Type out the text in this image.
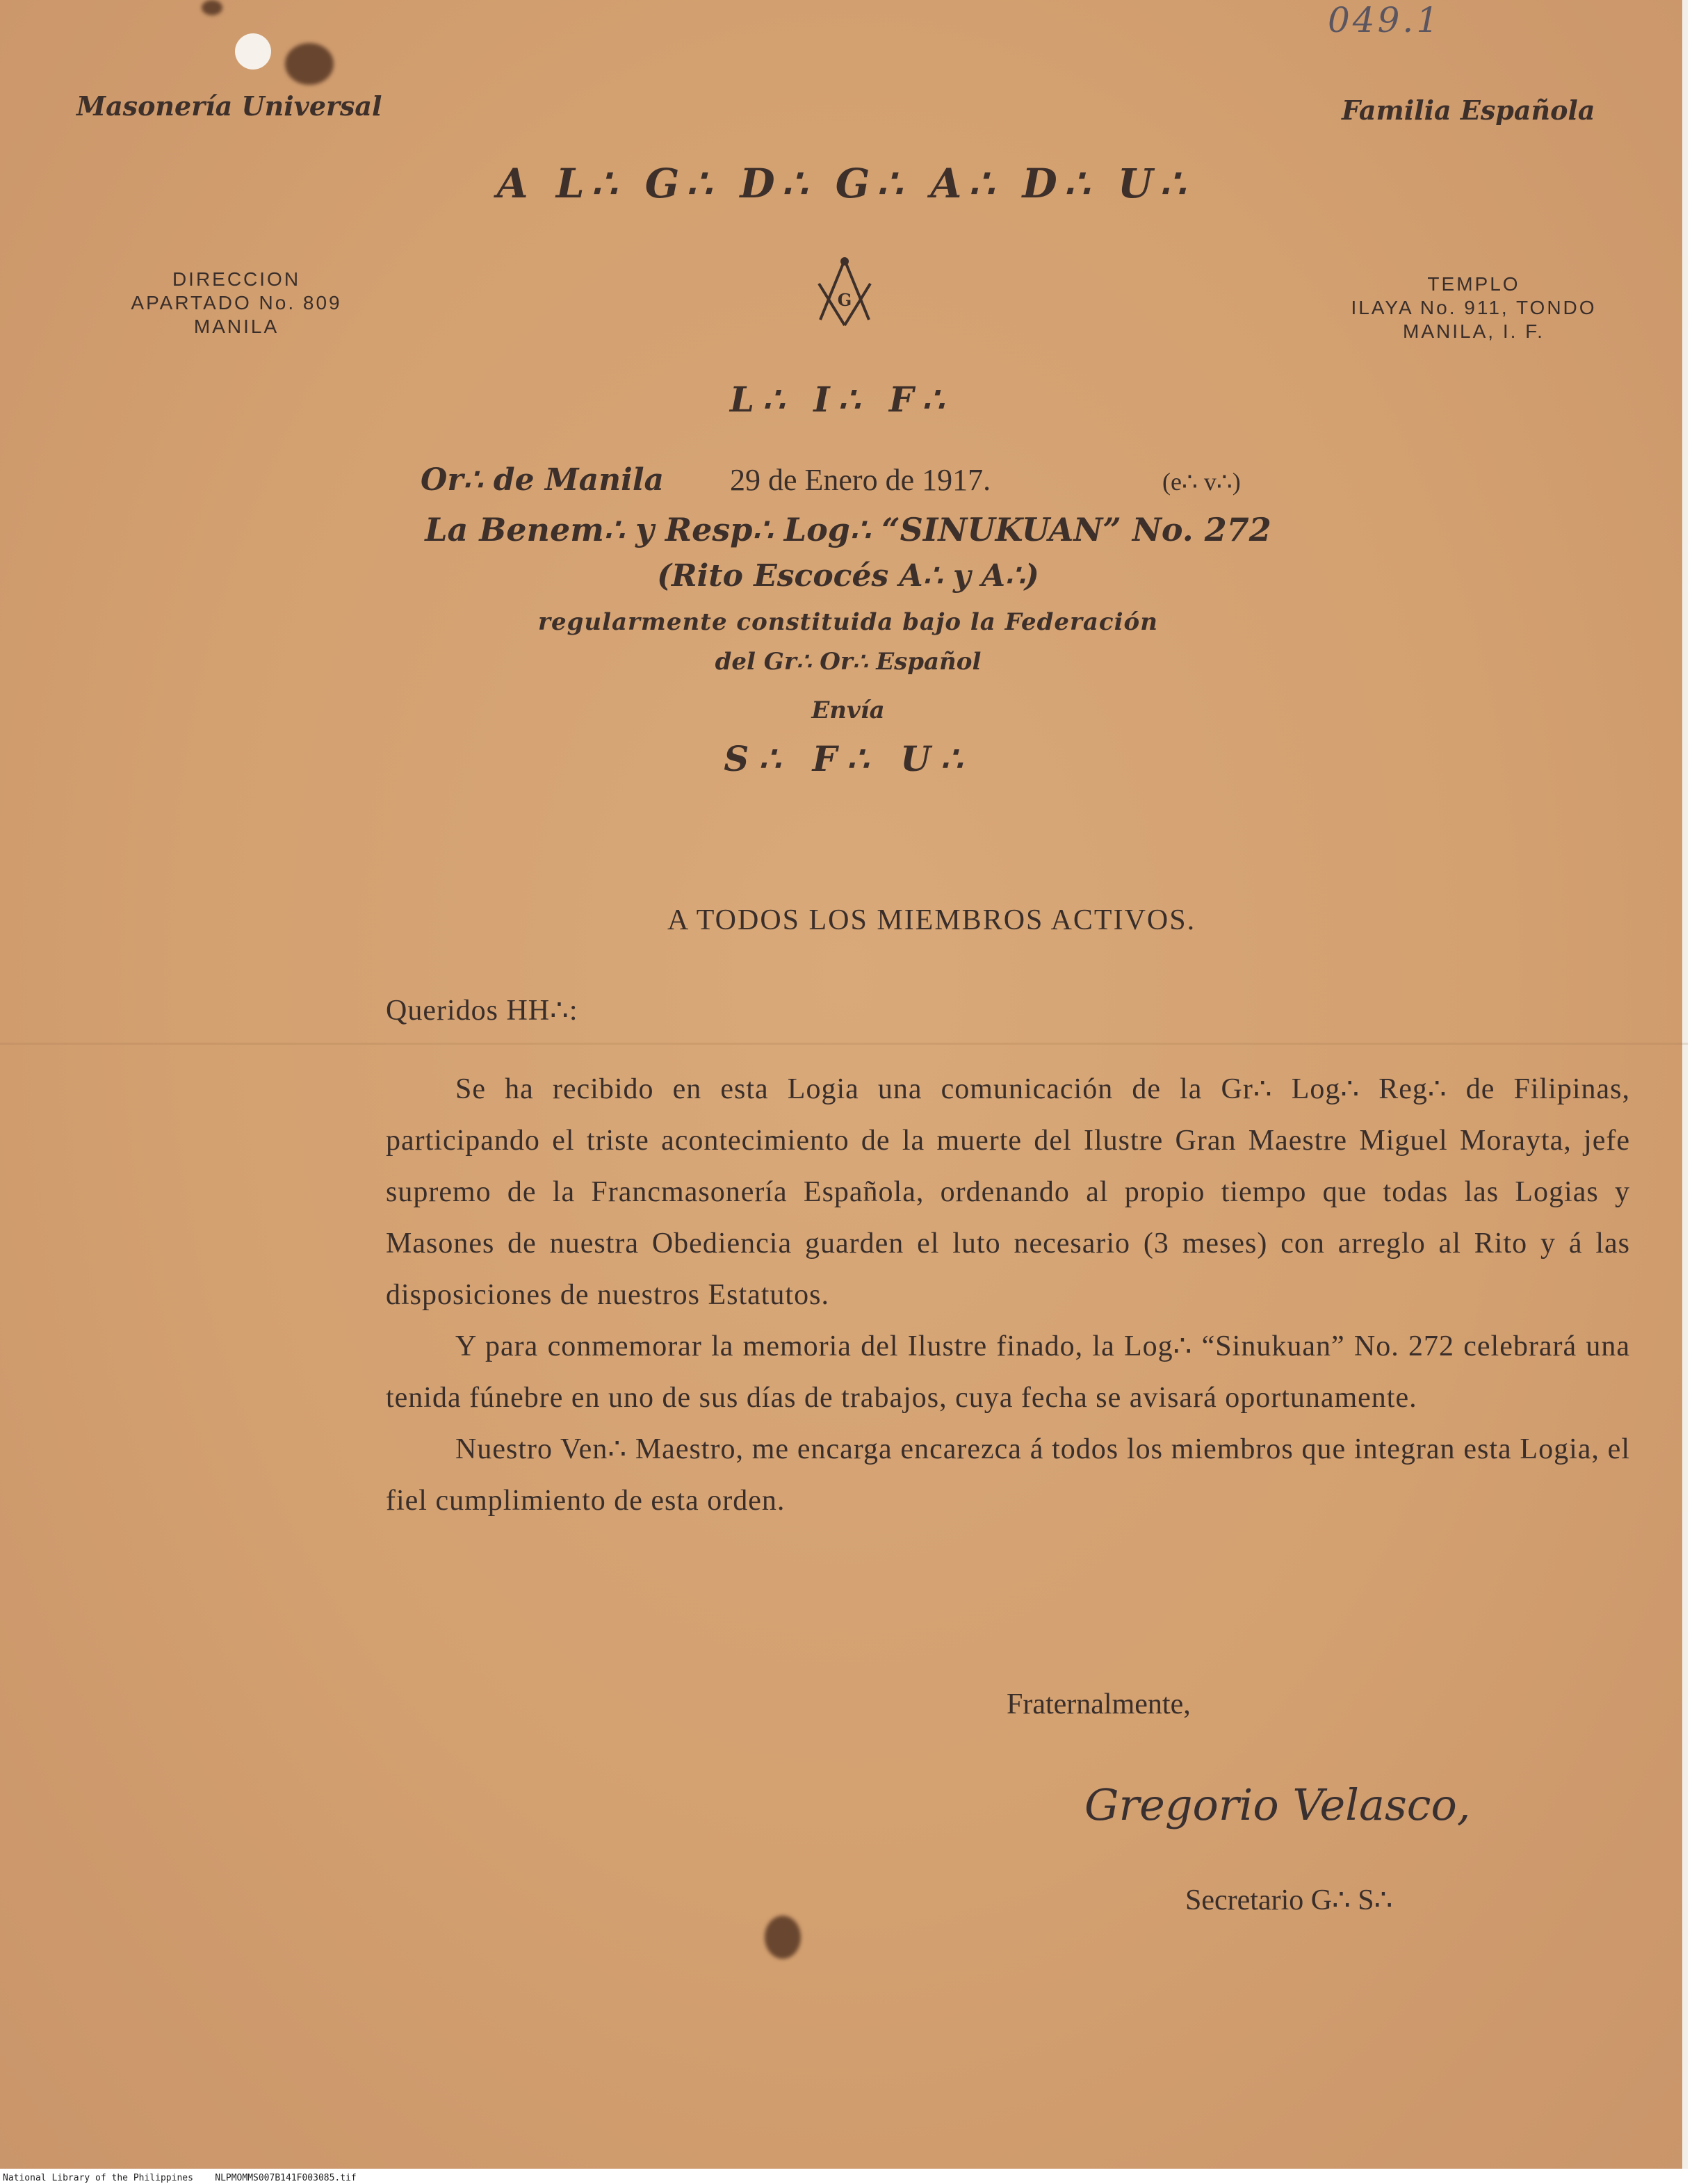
049.1
Masonería Universal	Familia Española
A L∴ G∴ D∴ G∴ A∴ D∴ U∴
DIRECCION
APARTADO No. 809
MANILA
TEMPLO
ILAYA No. 911, TONDO
MANILA, I. F.
G
L∴ I∴ F∴
Or∴ de Manila 29 de Enero de 1917.	(e∴ v∴)
La Benem∴ y Resp∴ Log∴ “SINUKUAN” No. 272
(Rito Escocés A∴ y A∴)
regularmente constituida bajo la Federación
del Gr∴ Or∴ Español
Envía
S∴ F∴ U∴
A TODOS LOS MIEMBROS ACTIVOS.
Queridos HH∴:

Se ha recibido en esta Logia una comunicación de la Gr∴ Log∴ Reg∴ de Filipinas, participando el triste acontecimiento de la muerte del Ilustre Gran Maestre Miguel Morayta, jefe supremo de la Francmasonería Española, ordenando al propio tiempo que todas las Logias y Masones de nuestra Obediencia guarden el luto necesario (3 meses) con arreglo al Rito y á las disposiciones de nuestros Estatutos.

Y para conmemorar la memoria del Ilustre finado, la Log∴ “Sinukuan” No. 272 celebrará una tenida fúnebre en uno de sus días de trabajos, cuya fecha se avisará oportunamente.

Nuestro Ven∴ Maestro, me encarga encarezca á todos los miembros que integran esta Logia, el fiel cumplimiento de esta orden.

Fraternalmente,
Gregorio Velasco,
Secretario G∴ S∴
National Library of the Philippines    NLPMOMMS007B141F003085.tif
